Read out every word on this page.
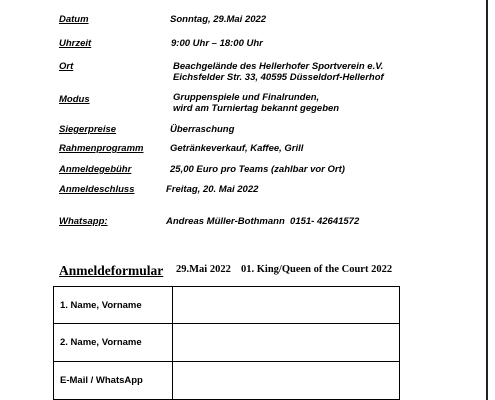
Datum	Sonntag, 29.Mai 2022
Uhrzeit	9:00 Uhr – 18:00 Uhr
Ort	Beachgelände des Hellerhofer Sportverein e.V.
Eichsfelder Str. 33, 40595 Düsseldorf-Hellerhof
Modus	Gruppenspiele und Finalrunden,
wird am Turniertag bekannt gegeben
Siegerpreise	Überraschung
Rahmenprogramm	Getränkeverkauf, Kaffee, Grill
Anmeldegebühr	25,00 Euro pro Teams (zahlbar vor Ort)
Anmeldeschluss	Freitag, 20. Mai 2022
Whatsapp:	Andreas Müller-Bothmann  0151- 42641572
Anmeldeformular 29.Mai 2022 01. King/Queen of the Court 2022
1. Name, Vorname	
2. Name, Vorname	
E-Mail / WhatsApp	
